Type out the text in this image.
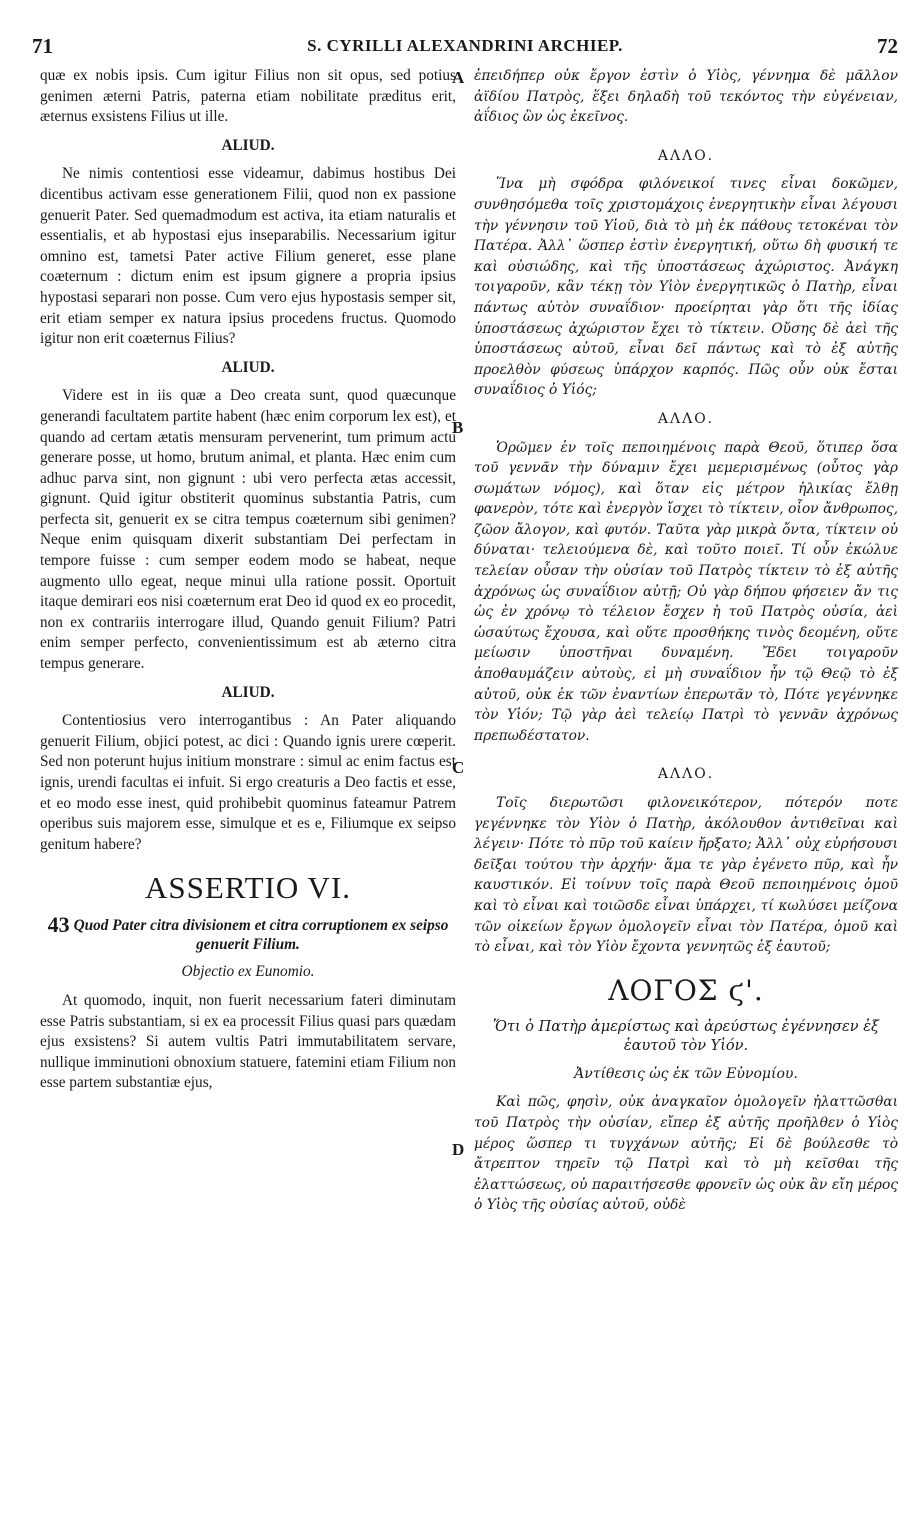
71	S. CYRILLI ALEXANDRINI ARCHIEP.	72

quæ ex nobis ipsis. Cum igitur Filius non sit opus, sed potius genimen æterni Patris, paterna etiam nobilitate præditus erit, æternus exsistens Filius ut ille.

ALIUD.

Ne nimis contentiosi esse videamur, dabimus hostibus Dei dicentibus activam esse generationem Filii, quod non ex passione genuerit Pater. Sed quemadmodum est activa, ita etiam naturalis et essentialis, et ab hypostasi ejus inseparabilis. Necessarium igitur omnino est, tametsi Pater active Filium generet, esse plane coæternum : dictum enim est ipsum gignere a propria ipsius hypostasi separari non posse. Cum vero ejus hypostasis semper sit, erit etiam semper ex natura ipsius procedens fructus. Quomodo igitur non erit coæternus Filius?

ALIUD.

Videre est in iis quæ a Deo creata sunt, quod quæcunque generandi facultatem partite habent (hæc enim corporum lex est), et quando ad certam ætatis mensuram pervenerint, tum primum actu generare posse, ut homo, brutum animal, et planta. Hæc enim cum adhuc parva sint, non gignunt : ubi vero perfecta ætas accessit, gignunt. Quid igitur obstiterit quominus substantia Patris, cum perfecta sit, genuerit ex se citra tempus coæternum sibi genimen? Neque enim quisquam dixerit substantiam Dei perfectam in tempore fuisse : cum semper eodem modo se habeat, neque augmento ullo egeat, neque minui ulla ratione possit. Oportuit itaque demirari eos nisi coæternum erat Deo id quod ex eo procedit, non ex contrariis interrogare illud, Quando genuit Filium? Patri enim semper perfecto, convenientissimum est ab æterno citra tempus generare.

ALIUD.

Contentiosius vero interrogantibus : An Pater aliquando genuerit Filium, objici potest, ac dici : Quando ignis urere cœperit. Sed non poterunt hujus initium monstrare : simul ac enim factus est ignis, urendi facultas ei infuit. Si ergo creaturis a Deo factis et esse, et eo modo esse inest, quid prohibebit quominus fateamur Patrem operibus suis majorem esse, simulque et es e, Filiumque ex seipso genitum habere?

ASSERTIO VI.
43 Quod Pater citra divisionem et citra corruptionem ex seipso genuerit Filium.
Objectio ex Eunomio.

At quomodo, inquit, non fuerit necessarium fateri diminutam esse Patris substantiam, si ex ea processit Filius quasi pars quædam ejus exsistens? Si autem vultis Patri immutabilitatem servare, nullique imminutioni obnoxium statuere, fatemini etiam Filium non esse partem substantiæ ejus,

A
B
C
D

ἐπειδήπερ οὐκ ἔργον ἐστὶν ὁ Υἱὸς, γέννημα δὲ μᾶλλον ἀϊδίου Πατρὸς, ἕξει δηλαδὴ τοῦ τεκόντος τὴν εὐγένειαν, ἀΐδιος ὢν ὡς ἐκεῖνος.

ΑΛΛΟ.

Ἵνα μὴ σφόδρα φιλόνεικοί τινες εἶναι δοκῶμεν, συνθησόμεθα τοῖς χριστομάχοις ἐνεργητικὴν εἶναι λέγουσι τὴν γέννησιν τοῦ Υἱοῦ, διὰ τὸ μὴ ἐκ πάθους τετοκέναι τὸν Πατέρα. Ἀλλ᾽ ὥσπερ ἐστὶν ἐνεργητική, οὕτω δὴ φυσική τε καὶ οὐσιώδης, καὶ τῆς ὑποστάσεως ἀχώριστος. Ἀνάγκη τοιγαροῦν, κἂν τέκῃ τὸν Υἱὸν ἐνεργητικῶς ὁ Πατὴρ, εἶναι πάντως αὐτὸν συναΐδιον· προείρηται γὰρ ὅτι τῆς ἰδίας ὑποστάσεως ἀχώριστον ἔχει τὸ τίκτειν. Οὔσης δὲ ἀεὶ τῆς ὑποστάσεως αὐτοῦ, εἶναι δεῖ πάντως καὶ τὸ ἐξ αὐτῆς προελθὸν φύσεως ὑπάρχον καρπός. Πῶς οὖν οὐκ ἔσται συναΐδιος ὁ Υἱός;

ΑΛΛΟ.

Ὁρῶμεν ἐν τοῖς πεποιημένοις παρὰ Θεοῦ, ὅτιπερ ὅσα τοῦ γεννᾶν τὴν δύναμιν ἔχει μεμερισμένως (οὗτος γὰρ σωμάτων νόμος), καὶ ὅταν εἰς μέτρον ἡλικίας ἔλθῃ φανερὸν, τότε καὶ ἐνεργὸν ἴσχει τὸ τίκτειν, οἷον ἄνθρωπος, ζῶον ἄλογον, καὶ φυτόν. Ταῦτα γὰρ μικρὰ ὄντα, τίκτειν οὐ δύναται· τελειούμενα δὲ, καὶ τοῦτο ποιεῖ. Τί οὖν ἐκώλυε τελείαν οὖσαν τὴν οὐσίαν τοῦ Πατρὸς τίκτειν τὸ ἐξ αὐτῆς ἀχρόνως ὡς συναΐδιον αὐτῇ; Οὐ γὰρ δήπου φήσειεν ἄν τις ὡς ἐν χρόνῳ τὸ τέλειον ἔσχεν ἡ τοῦ Πατρὸς οὐσία, ἀεὶ ὡσαύτως ἔχουσα, καὶ οὔτε προσθήκης τινὸς δεομένη, οὔτε μείωσιν ὑποστῆναι δυναμένη. Ἔδει τοιγαροῦν ἀποθαυμάζειν αὐτοὺς, εἰ μὴ συναΐδιον ἦν τῷ Θεῷ τὸ ἐξ αὐτοῦ, οὐκ ἐκ τῶν ἐναντίων ἐπερωτᾶν τὸ, Πότε γεγέννηκε τὸν Υἱόν; Τῷ γὰρ ἀεὶ τελείῳ Πατρὶ τὸ γεννᾶν ἀχρόνως πρεπωδέστατον.

ΑΛΛΟ.

Τοῖς διερωτῶσι φιλονεικότερον, πότερόν ποτε γεγέννηκε τὸν Υἱὸν ὁ Πατὴρ, ἀκόλουθον ἀντιθεῖναι καὶ λέγειν· Πότε τὸ πῦρ τοῦ καίειν ἤρξατο; Ἀλλ᾽ οὐχ εὑρήσουσι δεῖξαι τούτου τὴν ἀρχήν· ἅμα τε γὰρ ἐγένετο πῦρ, καὶ ἦν καυστικόν. Εἰ τοίνυν τοῖς παρὰ Θεοῦ πεποιημένοις ὁμοῦ καὶ τὸ εἶναι καὶ τοιῶσδε εἶναι ὑπάρχει, τί κωλύσει μείζονα τῶν οἰκείων ἔργων ὁμολογεῖν εἶναι τὸν Πατέρα, ὁμοῦ καὶ τὸ εἶναι, καὶ τὸν Υἱὸν ἔχοντα γεννητῶς ἐξ ἑαυτοῦ;

ΛΟΓΟΣ ϛ'.
Ὅτι ὁ Πατὴρ ἀμερίστως καὶ ἀρεύστως ἐγέννησεν ἐξ ἑαυτοῦ τὸν Υἱόν.
Ἀντίθεσις ὡς ἐκ τῶν Εὐνομίου.

Καὶ πῶς, φησὶν, οὐκ ἀναγκαῖον ὁμολογεῖν ἠλαττῶσθαι τοῦ Πατρὸς τὴν οὐσίαν, εἴπερ ἐξ αὐτῆς προῆλθεν ὁ Υἱὸς μέρος ὥσπερ τι τυγχάνων αὐτῆς; Εἰ δὲ βούλεσθε τὸ ἄτρεπτον τηρεῖν τῷ Πατρὶ καὶ τὸ μὴ κεῖσθαι τῆς ἐλαττώσεως, οὐ παραιτήσεσθε φρονεῖν ὡς οὐκ ἂν εἴη μέρος ὁ Υἱὸς τῆς οὐσίας αὐτοῦ, οὐδὲ
